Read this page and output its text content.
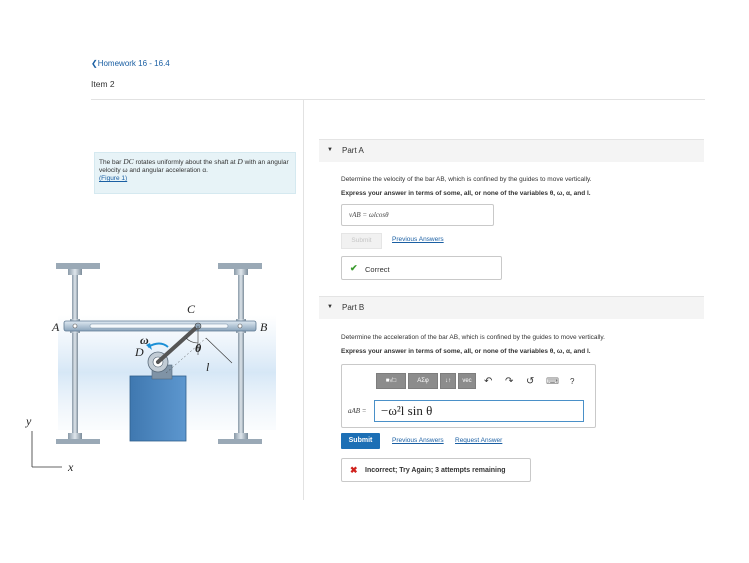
❮Homework 16 - 16.4
Item 2
The bar DC rotates uniformly about the shaft at D with an angular velocity ω and angular acceleration α.
(Figure 1)
A	B
C
D
ω
θ
l
x
y
▼ Part A
Determine the velocity of the bar AB, which is confined by the guides to move vertically.
Express your answer in terms of some, all, or none of the variables θ, ω, α, and l.
vAB = ωlcosθ
Submit	Previous Answers
✔ Correct
▼ Part B
Determine the acceleration of the bar AB, which is confined by the guides to move vertically.
Express your answer in terms of some, all, or none of the variables θ, ω, α, and l.
■√□	ΑΣφ	↓↑	vec	↶ ↷ ↺ ⌨ ?
aAB =	−ω²l sin θ
Submit	Previous Answers Request Answer
✖ Incorrect; Try Again; 3 attempts remaining
